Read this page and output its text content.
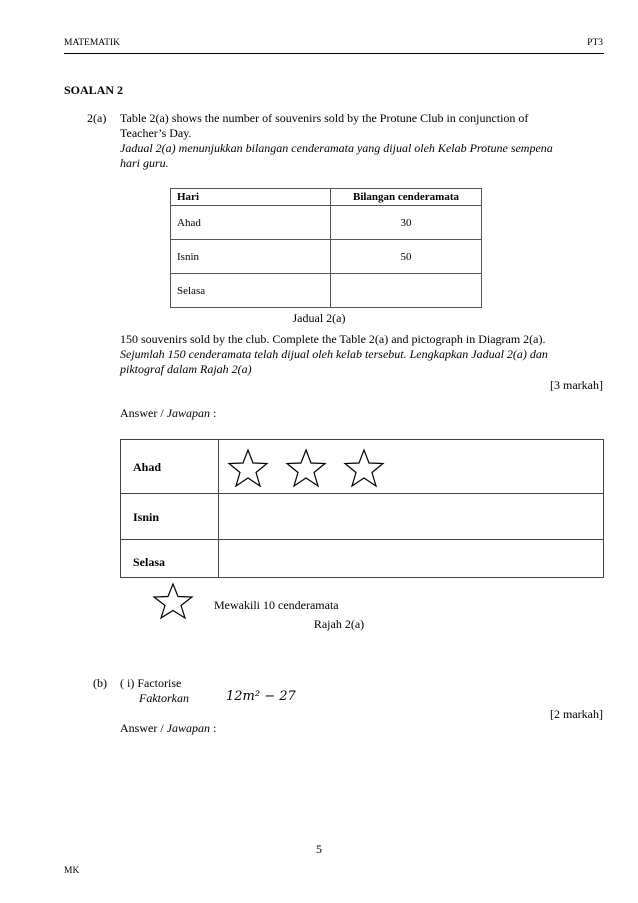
MATEMATIK	PT3
SOALAN 2
2(a) Table 2(a) shows the number of souvenirs sold by the Protune Club in conjunction of
Teacher’s Day.
Jadual 2(a) menunjukkan bilangan cenderamata yang dijual oleh Kelab Protune sempena
hari guru.
Hari	Bilangan cenderamata
Ahad	30
Isnin	50
Selasa	
Jadual 2(a)
150 souvenirs sold by the club. Complete the Table 2(a) and pictograph in Diagram 2(a).
Sejumlah 150 cenderamata telah dijual oleh kelab tersebut. Lengkapkan Jadual 2(a) dan
piktograf dalam Rajah 2(a)
[3 markah]
Answer / Jawapan :
Ahad
Isnin
Selasa
Mewakili 10 cenderamata
Rajah 2(a)
(b) ( i) Factorise
Faktorkan	12m² − 27
[2 markah]
Answer / Jawapan :
5
MK
